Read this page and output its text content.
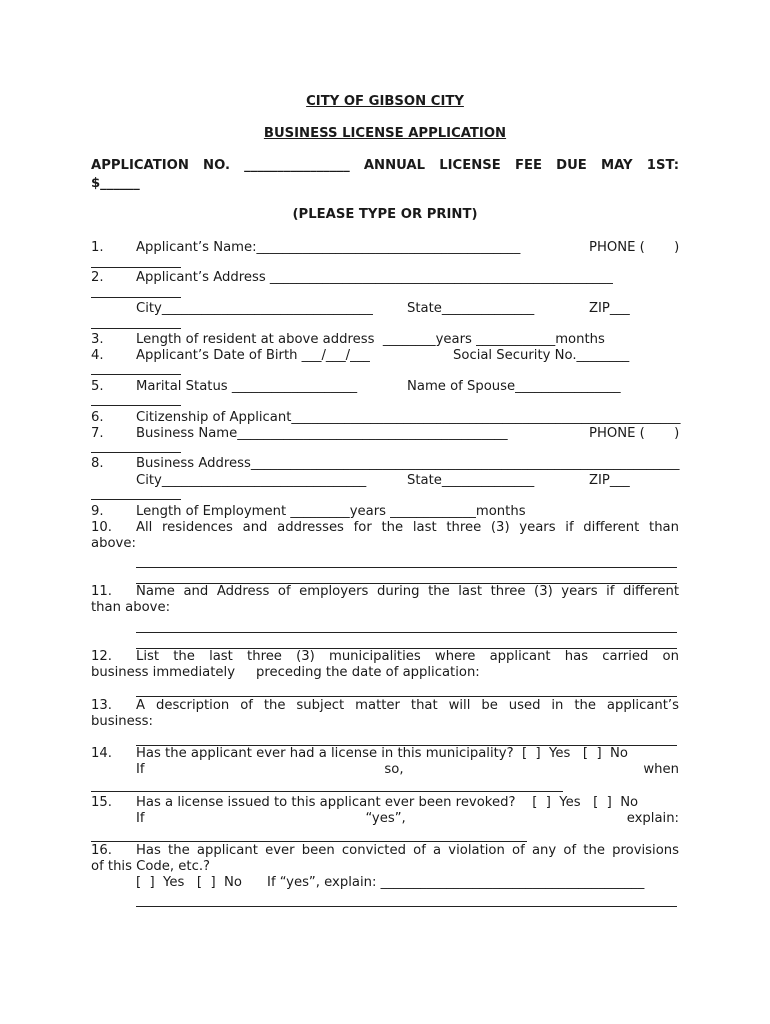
CITY OF GIBSON CITY
BUSINESS LICENSE APPLICATION
APPLICATION NO. ________________ ANNUAL LICENSE FEE DUE MAY 1ST:
$______
(PLEASE TYPE OR PRINT)
1. Applicant’s Name:________________________________________	PHONE (       )
2. Applicant’s Address ____________________________________________________
City________________________________	State______________	ZIP___
3. Length of resident at above address  ________years ____________months
4. Applicant’s Date of Birth ___/___/___	Social Security No.________
5. Marital Status ___________________	Name of Spouse________________
6. Citizenship of Applicant___________________________________________________________
7. Business Name_________________________________________	PHONE (       )
8. Business Address_________________________________________________________________
City_______________________________	State______________	ZIP___
9. Length of Employment _________years _____________months
10. All residences and addresses for the last three (3) years if different than
above:
11. Name and Address of employers during the last three (3) years if different
than above:
12. List the last three (3) municipalities where applicant has carried on
business immediately     preceding the date of application:
13. A description of the subject matter that will be used in the applicant’s
business:
14. Has the applicant ever had a license in this municipality?  [  ]  Yes   [  ]  No
If so, when
15. Has a license issued to this applicant ever been revoked?    [  ]  Yes   [  ]  No
If “yes”, explain:
16. Has the applicant ever been convicted of a violation of any of the provisions
of this Code, etc.?
[  ]  Yes   [  ]  No      If “yes”, explain: ________________________________________
